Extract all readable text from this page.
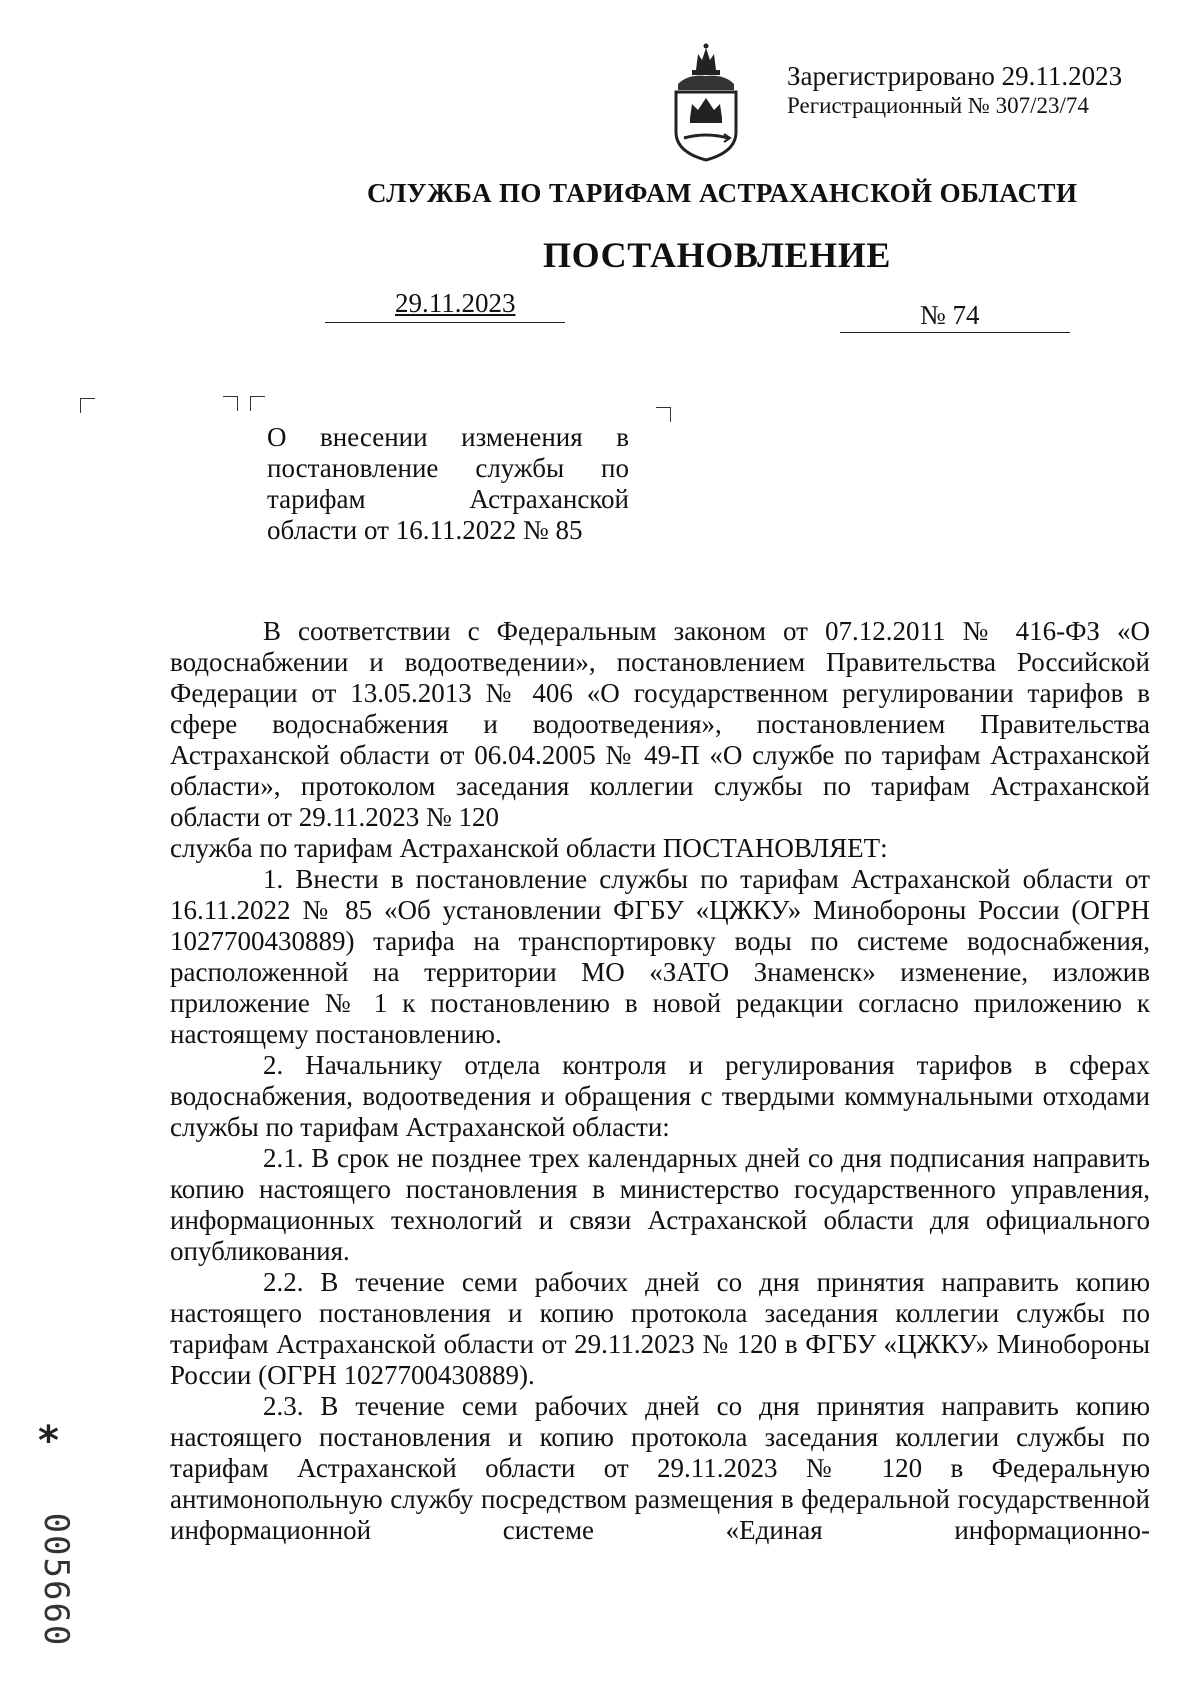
Зарегистрировано 29.11.2023
Регистрационный № 307/23/74
СЛУЖБА ПО ТАРИФАМ АСТРАХАНСКОЙ ОБЛАСТИ
ПОСТАНОВЛЕНИЕ
29.11.2023	№ 74
О внесении изменения в постановление службы по тарифам Астраханской области от 16.11.2022 № 85

В соответствии с Федеральным законом от 07.12.2011 № 416-ФЗ «О водоснабжении и водоотведении», постановлением Правительства Российской Федерации от 13.05.2013 № 406 «О государственном регулировании тарифов в сфере водоснабжения и водоотведения», постановлением Правительства Астраханской области от 06.04.2005 № 49-П «О службе по тарифам Астраханской области», протоколом заседания коллегии службы по тарифам Астраханской области от 29.11.2023 № 120

служба по тарифам Астраханской области ПОСТАНОВЛЯЕТ:

1. Внести в постановление службы по тарифам Астраханской области от 16.11.2022 № 85 «Об установлении ФГБУ «ЦЖКУ» Минобороны России (ОГРН 1027700430889) тарифа на транспортировку воды по системе водоснабжения, расположенной на территории МО «ЗАТО Знаменск» изменение, изложив приложение № 1 к постановлению в новой редакции согласно приложению к настоящему постановлению.

2. Начальнику отдела контроля и регулирования тарифов в сферах водоснабжения, водоотведения и обращения с твердыми коммунальными отходами службы по тарифам Астраханской области:

2.1. В срок не позднее трех календарных дней со дня подписания направить копию настоящего постановления в министерство государственного управления, информационных технологий и связи Астраханской области для официального опубликования.

2.2. В течение семи рабочих дней со дня принятия направить копию настоящего постановления и копию протокола заседания коллегии службы по тарифам Астраханской области от 29.11.2023 № 120 в ФГБУ «ЦЖКУ» Минобороны России (ОГРН 1027700430889).

2.3. В течение семи рабочих дней со дня принятия направить копию настоящего постановления и копию протокола заседания коллегии службы по тарифам Астраханской области от 29.11.2023 № 120 в Федеральную антимонопольную службу посредством размещения в федеральной государственной информационной системе «Единая информационно-

*
005660
